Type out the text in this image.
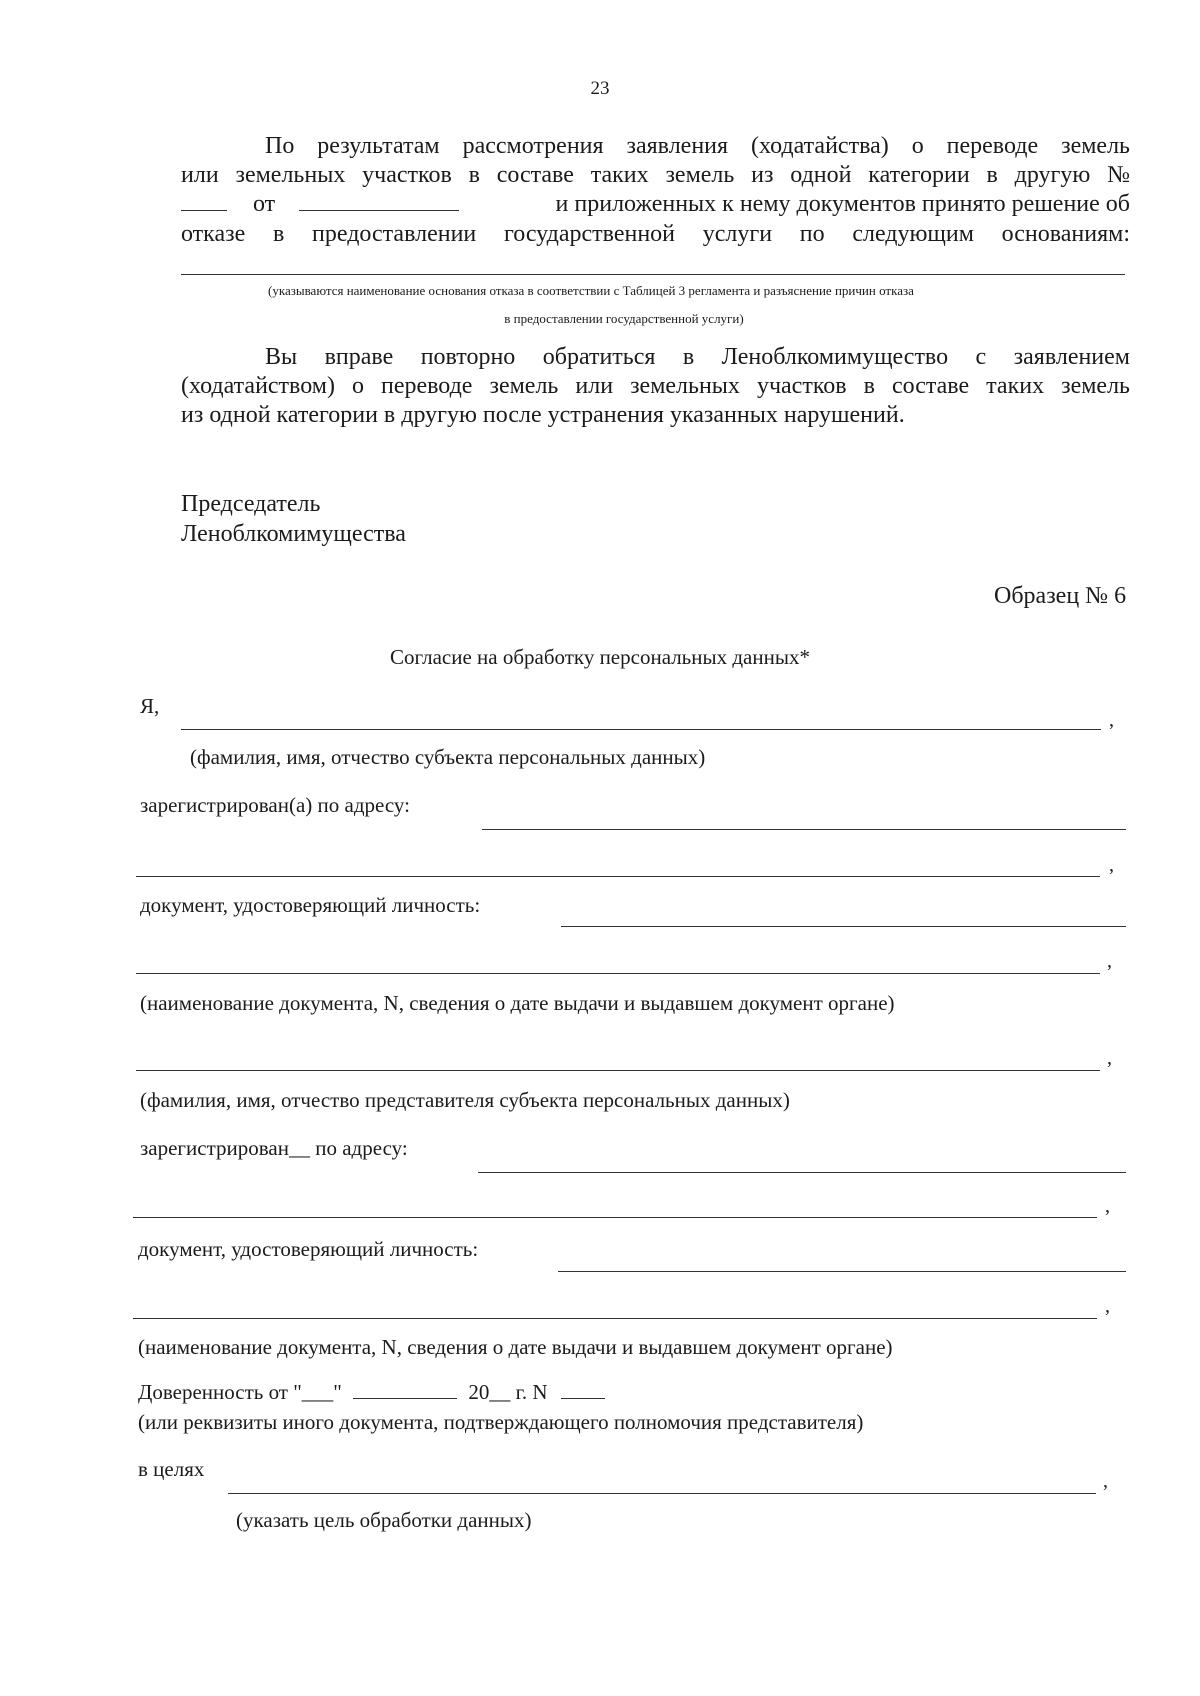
23
По результатам рассмотрения заявления (ходатайства) о переводе земель
или земельных участков в составе таких земель из одной категории в другую №
от	и приложенных к нему документов принято решение об
отказе в предоставлении государственной услуги по следующим основаниям:
(указываются наименование основания отказа в соответствии с Таблицей 3 регламента и разъяснение причин отказа
в предоставлении государственной услуги)
Вы вправе повторно обратиться в Леноблкомимущество с заявлением
(ходатайством) о переводе земель или земельных участков в составе таких земель
из одной категории в другую после устранения указанных нарушений.
Председатель
Леноблкомимущества
Образец № 6
Согласие на обработку персональных данных*
Я,
,
(фамилия, имя, отчество субъекта персональных данных)
зарегистрирован(а) по адресу:
,
документ, удостоверяющий личность:
,
(наименование документа, N, сведения о дате выдачи и выдавшем документ органе)
,
(фамилия, имя, отчество представителя субъекта персональных данных)
зарегистрирован__ по адресу:
,
документ, удостоверяющий личность:
,
(наименование документа, N, сведения о дате выдачи и выдавшем документ органе)
Доверенность от "___"	20__ г. N
(или реквизиты иного документа, подтверждающего полномочия представителя)
в целях	,
(указать цель обработки данных)
